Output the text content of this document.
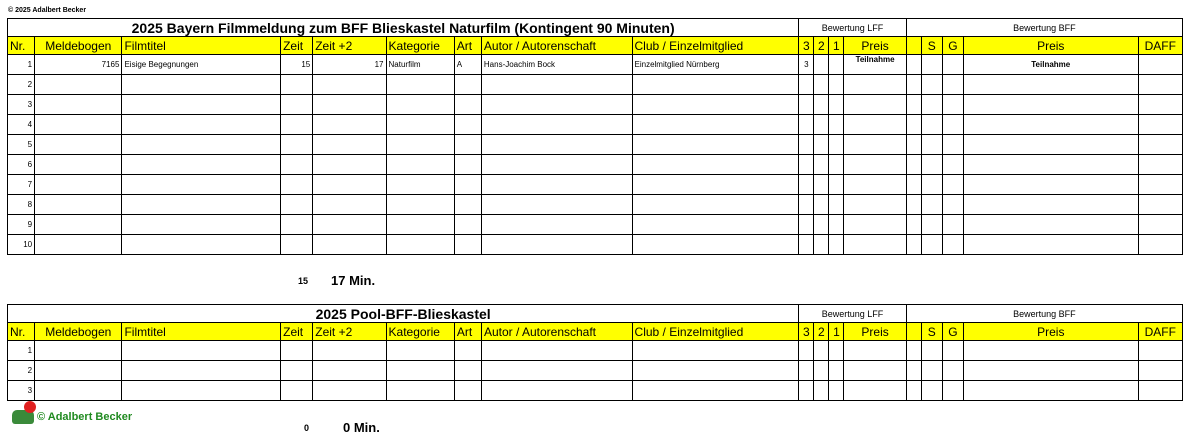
© 2025 Adalbert Becker
2025 Bayern Filmmeldung zum BFF Blieskastel Naturfilm (Kontingent 90 Minuten)									Bewertung LFF				Bewertung BFF				
Nr.	Meldebogen	Filmtitel	Zeit	Zeit +2	Kategorie	Art	Autor / Autorenschaft	Club / Einzelmitglied	3	2	1	Preis		S	G	Preis	DAFF
1	7165	Eisige Begegnungen	15	17	Naturfilm	A	Hans-Joachim Bock	Einzelmitglied Nürnberg	3			Teilnahme				Teilnahme	
2																	
3																	
4																	
5																	
6																	
7																	
8																	
9																	
10																	
15 17 Min.
2025 Pool-BFF-Blieskastel									Bewertung LFF				Bewertung BFF				
Nr.	Meldebogen	Filmtitel	Zeit	Zeit +2	Kategorie	Art	Autor / Autorenschaft	Club / Einzelmitglied	3	2	1	Preis		S	G	Preis	DAFF
1																	
2																	
3																	
© Adalbert Becker
0	0 Min.
